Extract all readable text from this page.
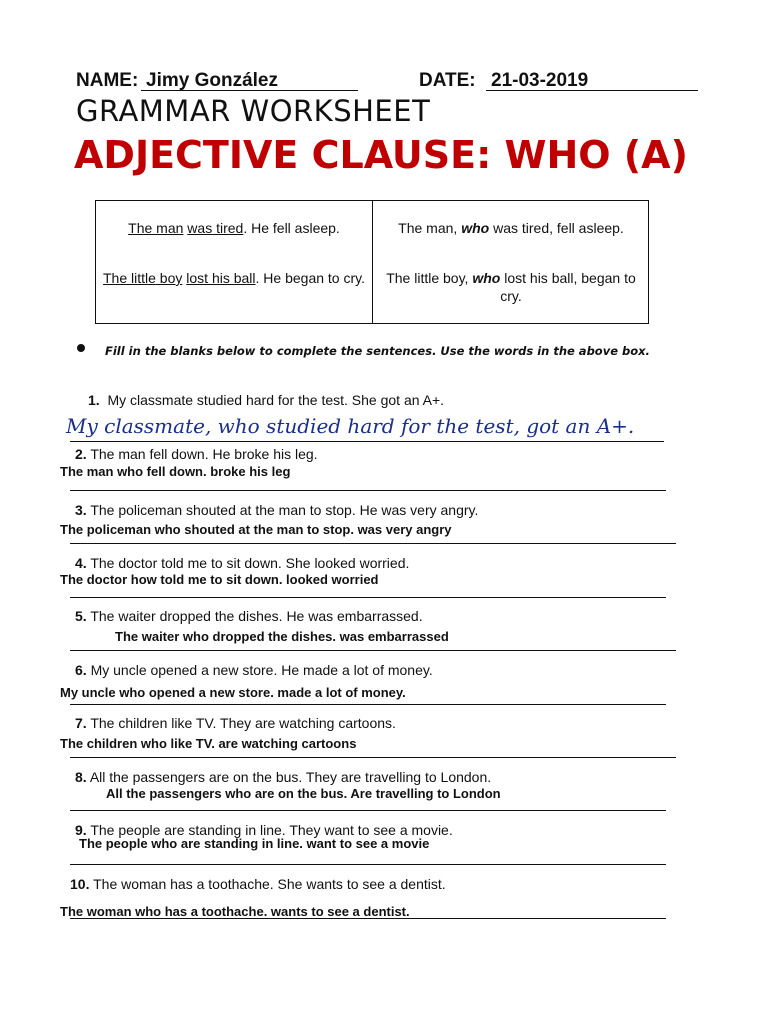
NAME: Jimy González	DATE: 21-03-2019
GRAMMAR WORKSHEET
ADJECTIVE CLAUSE: WHO (A)
The man was tired. He fell asleep.
The little boy lost his ball. He began to cry.
The man, who was tired, fell asleep.
The little boy, who lost his ball, began to cry.
Fill in the blanks below to complete the sentences. Use the words in the above box.
1. My classmate studied hard for the test. She got an A+.
My classmate, who studied hard for the test, got an A+.
2. The man fell down. He broke his leg.
The man who fell down. broke his leg
3. The policeman shouted at the man to stop. He was very angry.
The policeman who shouted at the man to stop. was very angry
4. The doctor told me to sit down. She looked worried.
The doctor how told me to sit down. looked worried
5. The waiter dropped the dishes. He was embarrassed.
The waiter who dropped the dishes. was embarrassed
6. My uncle opened a new store. He made a lot of money.
My uncle who opened a new store. made a lot of money.
7. The children like TV. They are watching cartoons.
The children who like TV. are watching cartoons
8. All the passengers are on the bus. They are travelling to London.
All the passengers who are on the bus. Are travelling to London
9. The people are standing in line. They want to see a movie.
The people who are standing in line. want to see a movie
10. The woman has a toothache. She wants to see a dentist.
The woman who has a toothache. wants to see a dentist.
